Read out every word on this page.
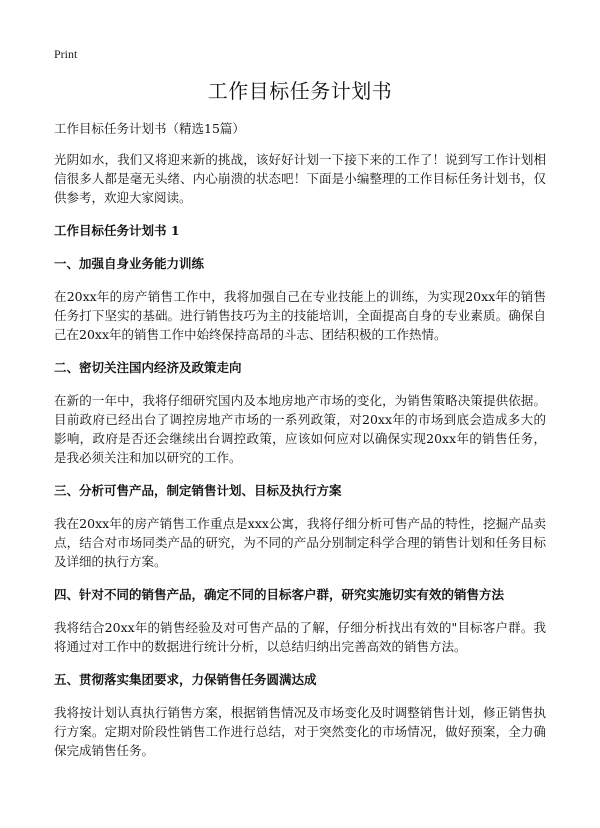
Print
工作目标任务计划书

工作目标任务计划书（精选15篇）

光阴如水，我们又将迎来新的挑战，该好好计划一下接下来的工作了！说到写工作计划相信很多人都是毫无头绪、内心崩溃的状态吧！下面是小编整理的工作目标任务计划书，仅供参考，欢迎大家阅读。

工作目标任务计划书 1

一、加强自身业务能力训练

在20xx年的房产销售工作中，我将加强自己在专业技能上的训练，为实现20xx年的销售任务打下坚实的基础。进行销售技巧为主的技能培训，全面提高自身的专业素质。确保自己在20xx年的销售工作中始终保持高昂的斗志、团结积极的工作热情。

二、密切关注国内经济及政策走向

在新的一年中，我将仔细研究国内及本地房地产市场的变化，为销售策略决策提供依据。目前政府已经出台了调控房地产市场的一系列政策，对20xx年的市场到底会造成多大的影响，政府是否还会继续出台调控政策，应该如何应对以确保实现20xx年的销售任务，是我必须关注和加以研究的工作。

三、分析可售产品，制定销售计划、目标及执行方案

我在20xx年的房产销售工作重点是xxx公寓，我将仔细分析可售产品的特性，挖掘产品卖点，结合对市场同类产品的研究，为不同的产品分别制定科学合理的销售计划和任务目标及详细的执行方案。

四、针对不同的销售产品，确定不同的目标客户群，研究实施切实有效的销售方法

我将结合20xx年的销售经验及对可售产品的了解，仔细分析找出有效的"目标客户群。我将通过对工作中的数据进行统计分析，以总结归纳出完善高效的销售方法。

五、贯彻落实集团要求，力保销售任务圆满达成

我将按计划认真执行销售方案，根据销售情况及市场变化及时调整销售计划，修正销售执行方案。定期对阶段性销售工作进行总结，对于突然变化的市场情况，做好预案，全力确保完成销售任务。
